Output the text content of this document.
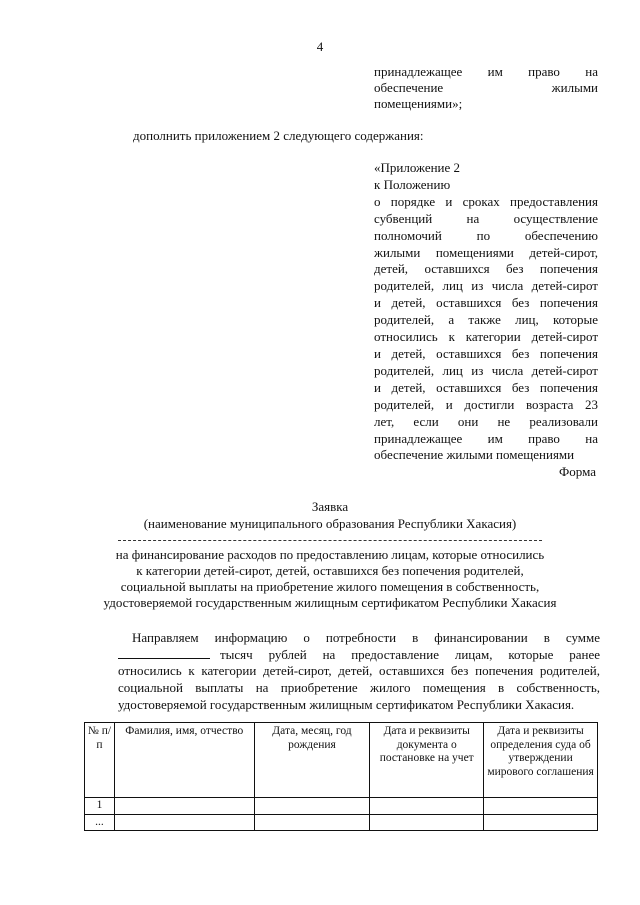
4
принадлежащее им право на
обеспечение жилыми
помещениями»;
дополнить приложением 2 следующего содержания:
«Приложение 2
к Положению
о порядке и сроках предоставления
субвенций на осуществление
полномочий по обеспечению
жилыми помещениями детей-сирот,
детей, оставшихся без попечения
родителей, лиц из числа детей-сирот
и детей, оставшихся без попечения
родителей, а также лиц, которые
относились к категории детей-сирот
и детей, оставшихся без попечения
родителей, лиц из числа детей-сирот
и детей, оставшихся без попечения
родителей, и достигли возраста 23
лет, если они не реализовали
принадлежащее им право на
обеспечение жилыми помещениями
Форма
Заявка
(наименование муниципального образования Республики Хакасия)
на финансирование расходов по предоставлению лицам, которые относились
к категории детей-сирот, детей, оставшихся без попечения родителей,
социальной выплаты на приобретение жилого помещения в собственность,
удостоверяемой государственным жилищным сертификатом Республики Хакасия
Направляем информацию о потребности в финансировании в сумме
тысяч рублей на предоставление лицам, которые ранее
относились к категории детей-сирот, детей, оставшихся без попечения родителей,
социальной выплаты на приобретение жилого помещения в собственность,
удостоверяемой государственным жилищным сертификатом Республики Хакасия.
№ п/п	Фамилия, имя, отчество	Дата, месяц, год рождения	Дата и реквизиты документа о постановке на учет	Дата и реквизиты определения суда об утверждении мирового соглашения
1				
...				
